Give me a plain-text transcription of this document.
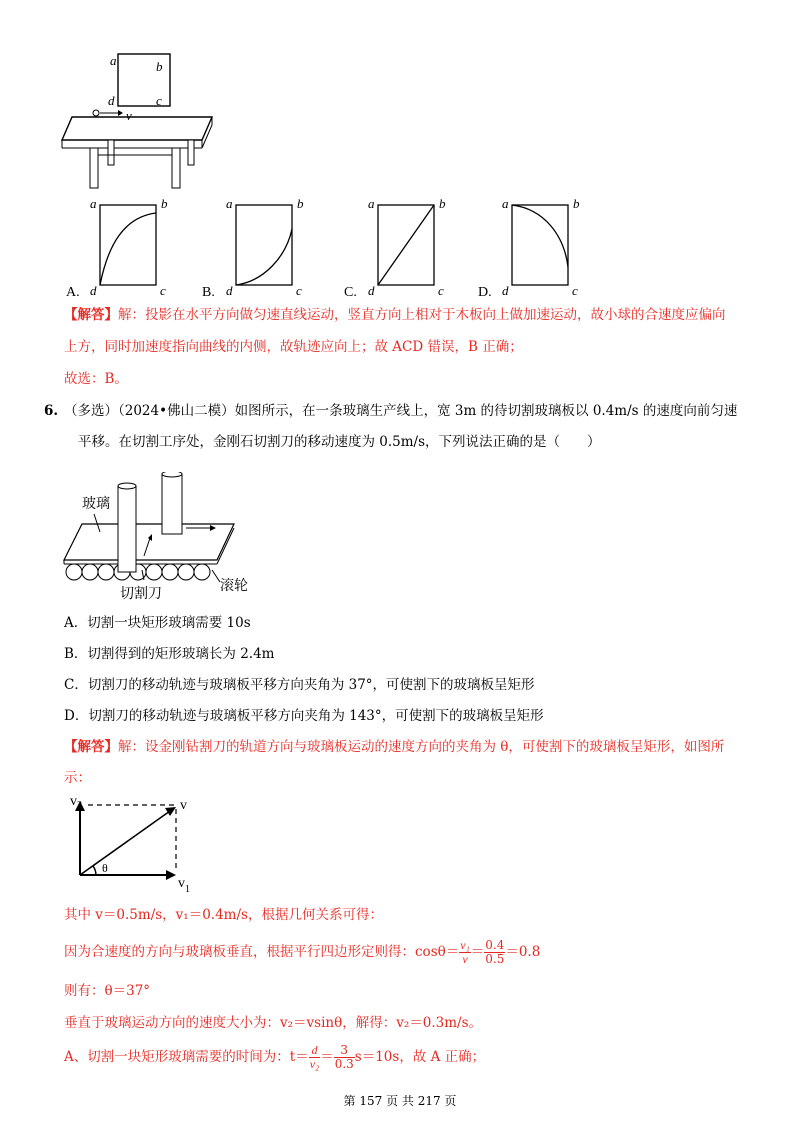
a	b
d	c
v
a	b
d	c
A.
a	b
d	c
B.
a	b
d	c
C.
a	b
d	c
D.
【解答】解：投影在水平方向做匀速直线运动，竖直方向上相对于木板向上做加速运动，故小球的合速度应偏向
上方，同时加速度指向曲线的内侧，故轨迹应向上；故 ACD 错误，B 正确；
故选：B。
6. （多选）（2024•佛山二模）如图所示，在一条玻璃生产线上，宽 3m 的待切割玻璃板以 0.4m/s 的速度向前匀速
平移。在切割工序处，金刚石切割刀的移动速度为 0.5m/s，下列说法正确的是（　　）
玻璃
切割刀
滚轮
A．切割一块矩形玻璃需要 10s
B．切割得到的矩形玻璃长为 2.4m
C．切割刀的移动轨迹与玻璃板平移方向夹角为 37°，可使割下的玻璃板呈矩形
D．切割刀的移动轨迹与玻璃板平移方向夹角为 143°，可使割下的玻璃板呈矩形
【解答】解：设金刚钻割刀的轨道方向与玻璃板运动的速度方向的夹角为 θ，可使割下的玻璃板呈矩形，如图所
示：
$v_2$	v
$v_1$
θ
其中 v＝0.5m/s，v₁＝0.4m/s，根据几何关系可得：
因为合速度的方向与玻璃板垂直，根据平行四边形定则得：$\cos\theta= \frac{\text{v₁}}{v} = \frac{0.4}{0.5} =0.8$
则有：θ＝37°
垂直于玻璃运动方向的速度大小为：v₂＝vsinθ，解得：v₂＝0.3m/s。
A、切割一块矩形玻璃需要的时间为：$t= \frac{d}{\text{v₂}} = \frac{3}{0.3} s=10s$，故 A 正确；
第 157 页 共 217 页
